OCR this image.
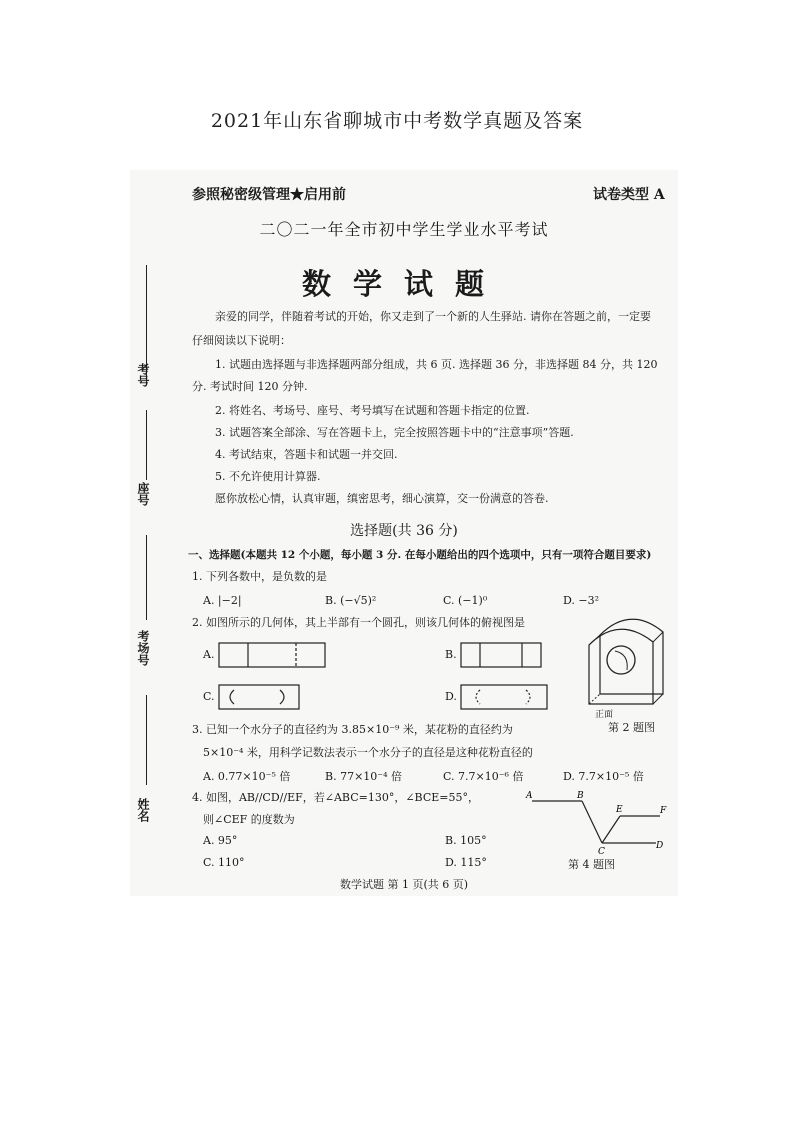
2021年山东省聊城市中考数学真题及答案
考号
座号
考场号
姓名
参照秘密级管理★启用前	试卷类型 A
二〇二一年全市初中学生学业水平考试
数学试题
亲爱的同学，伴随着考试的开始，你又走到了一个新的人生驿站. 请你在答题之前，一定要
仔细阅读以下说明：
1. 试题由选择题与非选择题两部分组成，共 6 页. 选择题 36 分，非选择题 84 分，共 120
分. 考试时间 120 分钟.
2. 将姓名、考场号、座号、考号填写在试题和答题卡指定的位置.
3. 试题答案全部涂、写在答题卡上，完全按照答题卡中的“注意事项”答题.
4. 考试结束，答题卡和试题一并交回.
5. 不允许使用计算器.
愿你放松心情，认真审题，缜密思考，细心演算，交一份满意的答卷.
选择题(共 36 分)
一、选择题(本题共 12 个小题，每小题 3 分. 在每小题给出的四个选项中，只有一项符合题目要求)
1. 下列各数中，是负数的是
A. |−2|	B. (−√5)²	C. (−1)⁰	D. −3²
2. 如图所示的几何体，其上半部有一个圆孔，则该几何体的俯视图是
A.	B.
C.	D.
正面
第 2 题图
3. 已知一个水分子的直径约为 3.85×10⁻⁹ 米，某花粉的直径约为
5×10⁻⁴ 米，用科学记数法表示一个水分子的直径是这种花粉直径的
A. 0.77×10⁻⁵ 倍	B. 77×10⁻⁴ 倍	C. 7.7×10⁻⁶ 倍	D. 7.7×10⁻⁵ 倍
4. 如图，AB//CD//EF，若∠ABC=130°，∠BCE=55°，
则∠CEF 的度数为
A. 95°	B. 105°
C. 110°	D. 115°
A	B
C
D
E	F
第 4 题图
数学试题 第 1 页(共 6 页)
